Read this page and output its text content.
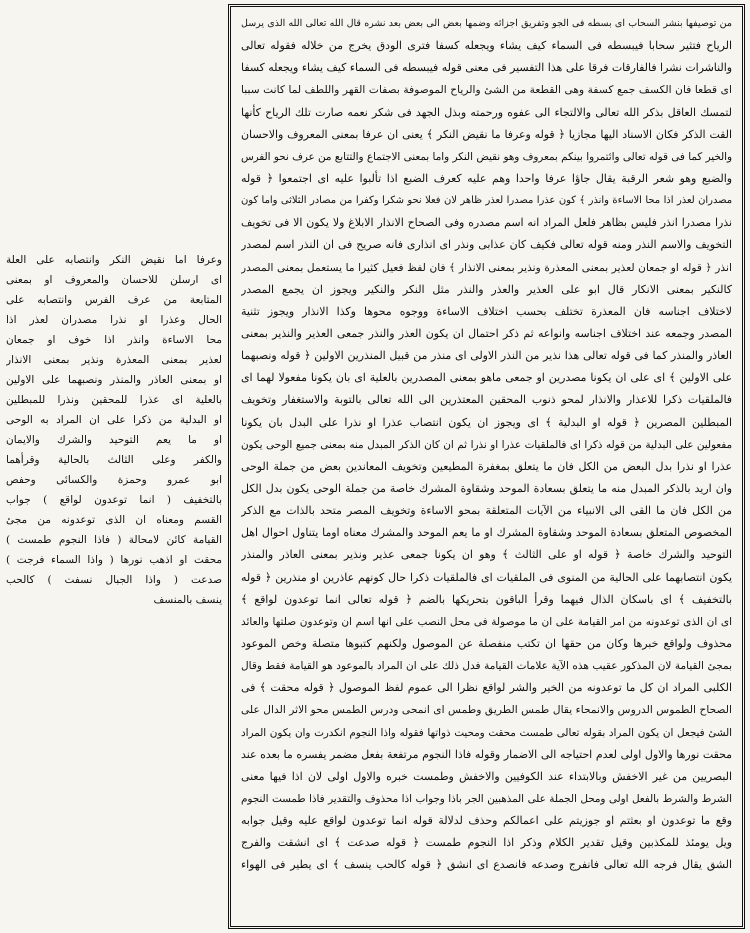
من توصيفها بنشر السحاب اى بسطه فى الجو وتفريق اجزائه وضمها بعض الى بعض بعد نشره قال الله تعالى الله الذى يرسل
الرياح فتثير سحابا فيبسطه فى السماء كيف يشاء ويجعله كسفا فترى الودق يخرج من خلاله فقوله تعالى
والناشرات نشرا فالفارقات فرقا على هذا التفسير فى معنى قوله فيبسطه فى السماء كيف يشاء ويجعله كسفا
اى قطعا فان الكسف جمع كسفة وهى القطعة من الشئ والرياح الموصوفة بصفات القهر واللطف لما كانت سببا
لتمسك العاقل بذكر الله تعالى والالتجاء الى عفوه ورحمته وبذل الجهد فى شكر نعمه صارت تلك الرياح كأنها
القت الذكر فكان الاسناد اليها مجازيا ﴿ قوله وعرفا ما نقيض النكر ﴾ يعنى ان عرفا بمعنى المعروف والاحسان
والخير كما فى قوله تعالى وائتمروا بينكم بمعروف وهو نقيض النكر واما بمعنى الاجتماع والتتابع من عرف نحو الفرس
والضبع وهو شعر الرقبة يقال جاؤا عرفا واحدا وهم عليه كعرف الضبع اذا تألبوا عليه اى اجتمعوا ﴿ قوله
مصدران لعذر اذا محا الاساءة وانذر ﴾ كون عذرا مصدرا لعذر ظاهر لان فعلا نحو شكرا وكفرا من مصادر الثلاثى واما كون
نذرا مصدرا انذر فليس بظاهر فلعل المراد انه اسم مصدره وفى الصحاح الانذار الابلاغ ولا يكون الا فى تخويف
التخويف والاسم النذر ومنه قوله تعالى فكيف كان عذابى ونذر اى انذارى فانه صريح فى ان النذر اسم لمصدر
انذر ﴿ قوله او جمعان لعذير بمعنى المعذرة ونذير بمعنى الانذار ﴾ فان لفظ فعيل كثيرا ما يستعمل بمعنى المصدر
كالنكير بمعنى الانكار قال ابو على العذير والعذر والنذر مثل النكر والنكير ويجوز ان يجمع المصدر
لاختلاف اجناسه فان المعذرة تختلف بحسب اختلاف الاساءة ووجوه محوها وكذا الانذار ويجوز تثنية
المصدر وجمعه عند اختلاف اجناسه وانواعه ثم ذكر احتمال ان يكون العذر والنذر جمعى العذير والنذير بمعنى
العاذر والمنذر كما فى قوله تعالى هذا نذير من النذر الاولى اى منذر من قبيل المنذرين الاولين ﴿ قوله ونصبهما
على الاولين ﴾ اى على ان يكونا مصدرين او جمعى ماهو بمعنى المصدرين بالعلية اى بان يكونا مفعولا لهما اى
فالملقيات ذكرا للاعذار والانذار لمحو ذنوب المحقين المعتذرين الى الله تعالى بالتوبة والاستغفار وتخويف
المبطلين المصرين ﴿ قوله او البدلية ﴾ اى ويجوز ان يكون انتصاب عذرا او نذرا على البدل بان يكونا
مفعولين على البدلية من قوله ذكرا اى فالملقيات عذرا او نذرا ثم ان كان الذكر المبدل منه بمعنى جميع الوحى يكون
عذرا او نذرا بدل البعض من الكل فان ما يتعلق بمغفرة المطيعين وتخويف المعاندين بعض من جملة الوحى
وان اريد بالذكر المبدل منه ما يتعلق بسعادة الموحد وشقاوة المشرك خاصة من جملة الوحى يكون بدل الكل
من الكل فان ما القى الى الانبياء من الآيات المتعلقة بمحو الاساءة وتخويف المصر متحد بالذات مع الذكر
المخصوص المتعلق بسعادة الموحد وشقاوة المشرك او ما يعم الموحد والمشرك معناه اوما يتناول احوال اهل
التوحيد والشرك خاصة ﴿ قوله او على الثالث ﴾ وهو ان يكونا جمعى عذير ونذير بمعنى العاذر والمنذر
يكون انتصابهما على الحالية من المنوى فى الملقيات اى فالملقيات ذكرا حال كونهم عاذرين او منذرين ﴿ قوله
بالتخفيف ﴾ اى باسكان الذال فيهما وقرأ الباقون بتحريكها بالضم ﴿ قوله تعالى انما توعدون لواقع ﴾
اى ان الذى توعدونه من امر القيامة على ان ما موصولة فى محل النصب على انها اسم ان وتوعدون صلتها والعائد
محذوف ولواقع خبرها وكان من حقها ان تكتب منفصلة عن الموصول ولكنهم كتبوها متصلة وخص الموعود
بمجئ القيامة لان المذكور عقيب هذه الآية علامات القيامة فدل ذلك على ان المراد بالموعود هو القيامة فقط وقال
الكلبى المراد ان كل ما توعدونه من الخير والشر لواقع نظرا الى عموم لفظ الموصول ﴿ قوله محقت ﴾ فى
الصحاح الطموس الدروس والانمحاء يقال طمس الطريق وطمس اى انمحى ودرس الطمس محو الاثر الدال على
الشئ فيجعل ان يكون المراد بقوله تعالى طمست محقت ومحيت ذواتها فقوله واذا النجوم انكدرت وان يكون المراد
محقت نورها والاول اولى لعدم احتياجه الى الاضمار وقوله فاذا النجوم مرتفعة بفعل مضمر يفسره ما بعده عند
البصريين من غير الاخفش وبالابتداء عند الكوفيين والاخفش وطمست خبره والاول اولى لان اذا فيها معنى
الشرط والشرط بالفعل اولى ومحل الجملة على المذهبين الجر باذا وجواب اذا محذوف والتقدير فاذا طمست النجوم
وقع ما توعدون او بعثتم او جوزيتم على اعمالكم وحذف لدلالة قوله انما توعدون لواقع عليه وقيل جوابه
ويل يومئذ للمكذبين وقيل تقدير الكلام وذكر اذا النجوم طمست ﴿ قوله صدعت ﴾ اى انشقت والفرج
الشق يقال فرجه الله تعالى فانفرج وصدعه فانصدع اى انشق ﴿ قوله كالحب ينسف ﴾ اى يطير فى الهواء
وعرفا اما نقيض النكر وانتصابه على العلة
اى ارسلن للاحسان والمعروف او بمعنى
المتابعة من عرف الفرس وانتصابه على
الحال وعذرا او نذرا مصدران لعذر اذا
محا الاساءة وانذر اذا خوف او جمعان
لعذير بمعنى المعذرة ونذير بمعنى الانذار
او بمعنى العاذر والمنذر ونصبهما على الاولين
بالعلية اى عذرا للمحقين ونذرا للمبطلين
او البدلية من ذكرا على ان المراد به الوحى
او ما يعم التوحيد والشرك والايمان
والكفر وعلى الثالث بالحالية وقرأهما
ابو عمرو وحمزة والكسائى وحفص
بالتخفيف ( انما توعدون لواقع ) جواب
القسم ومعناه ان الذى توعدونه من مجئ
القيامة كائن لامحالة ( فاذا النجوم طمست )
محقت او اذهب نورها ( واذا السماء فرجت )
صدعت ( واذا الجبال نسفت ) كالحب
ينسف بالمنسف
